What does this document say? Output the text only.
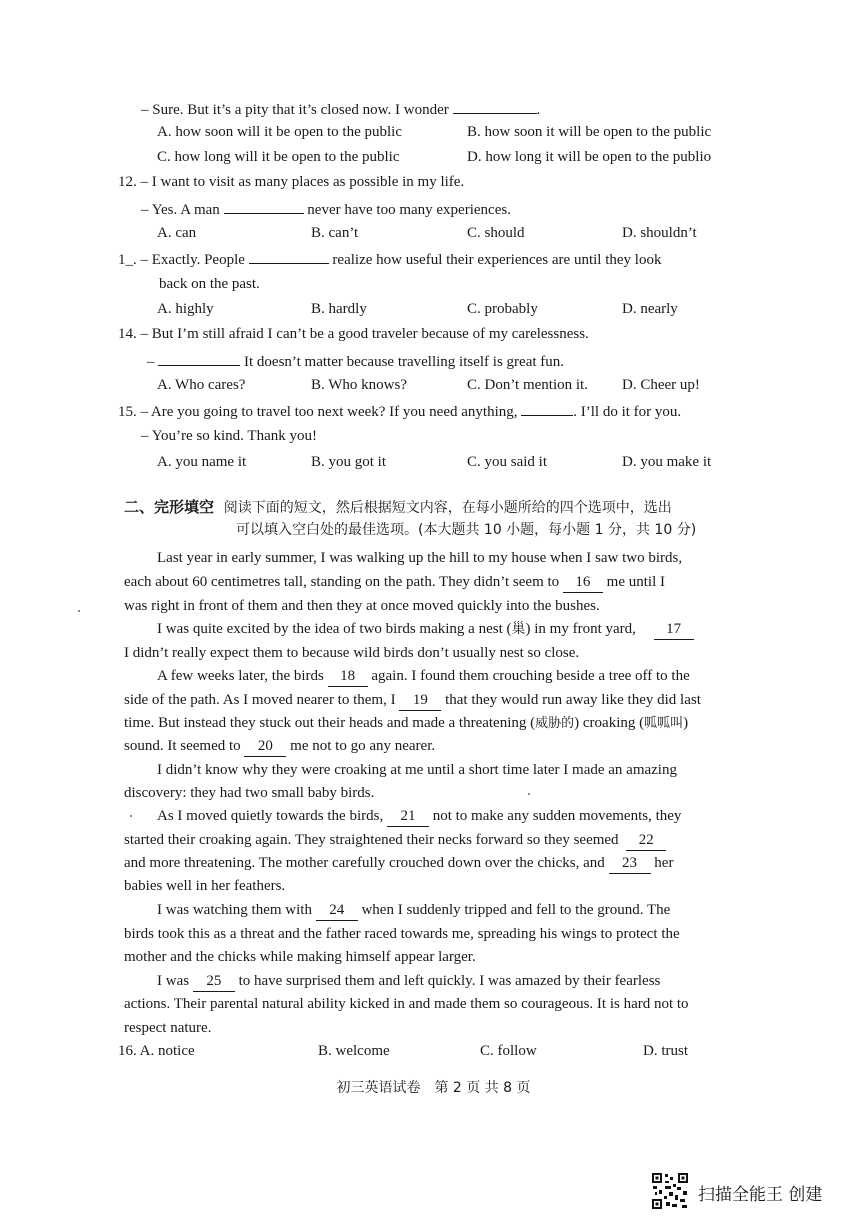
– Sure. But it’s a pity that it’s closed now. I wonder	.
A. how soon will it be open to the public	B. how soon it will be open to the public
C. how long will it be open to the public	D. how long it will be open to the publio
12. – I want to visit as many places as possible in my life.
– Yes. A man	never have too many experiences.
A. can	B. can’t	C. should	D. shouldn’t
1_. – Exactly. People	realize how useful their experiences are until they look
back on the past.
A. highly	B. hardly	C. probably	D. nearly
14. – But I’m still afraid I can’t be a good traveler because of my carelessness.
–	It doesn’t matter because travelling itself is great fun.
A. Who cares?	B. Who knows?	C. Don’t mention it. D. Cheer up!
15. – Are you going to travel too next week? If you need anything,	. I’ll do it for you.
– You’re so kind. Thank you!
A. you name it	B. you got it	C. you said it	D. you make it
二、完形填空 阅读下面的短文，然后根据短文内容，在每小题所给的四个选项中，选出
可以填入空白处的最佳选项。(本大题共 10 小题，每小题 1 分，共 10 分)
Last year in early summer, I was walking up the hill to my house when I saw two birds,
each about 60 centimetres tall, standing on the path. They didn’t seem to 16 me until I
was right in front of them and then they at once moved quickly into the bushes.
I was quite excited by the idea of two birds making a nest (巢) in my front yard, 17
I didn’t really expect them to because wild birds don’t usually nest so close.
A few weeks later, the birds 18 again. I found them crouching beside a tree off to the
side of the path. As I moved nearer to them, I 19 that they would run away like they did last
time. But instead they stuck out their heads and made a threatening (威胁的) croaking (呱呱叫)
sound. It seemed to 20 me not to go any nearer.
I didn’t know why they were croaking at me until a short time later I made an amazing
discovery: they had two small baby birds.
As I moved quietly towards the birds, 21 not to make any sudden movements, they
started their croaking again. They straightened their necks forward so they seemed 22
and more threatening. The mother carefully crouched down over the chicks, and 23 her
babies well in her feathers.
I was watching them with 24 when I suddenly tripped and fell to the ground. The
birds took this as a threat and the father raced towards me, spreading his wings to protect the
mother and the chicks while making himself appear larger.
I was 25 to have surprised them and left quickly. I was amazed by their fearless
actions. Their parental natural ability kicked in and made them so courageous. It is hard not to
respect nature.
16. A. notice	B. welcome	C. follow	D. trust
初三英语试卷　第 2 页 共 8 页
扫描全能王 创建
